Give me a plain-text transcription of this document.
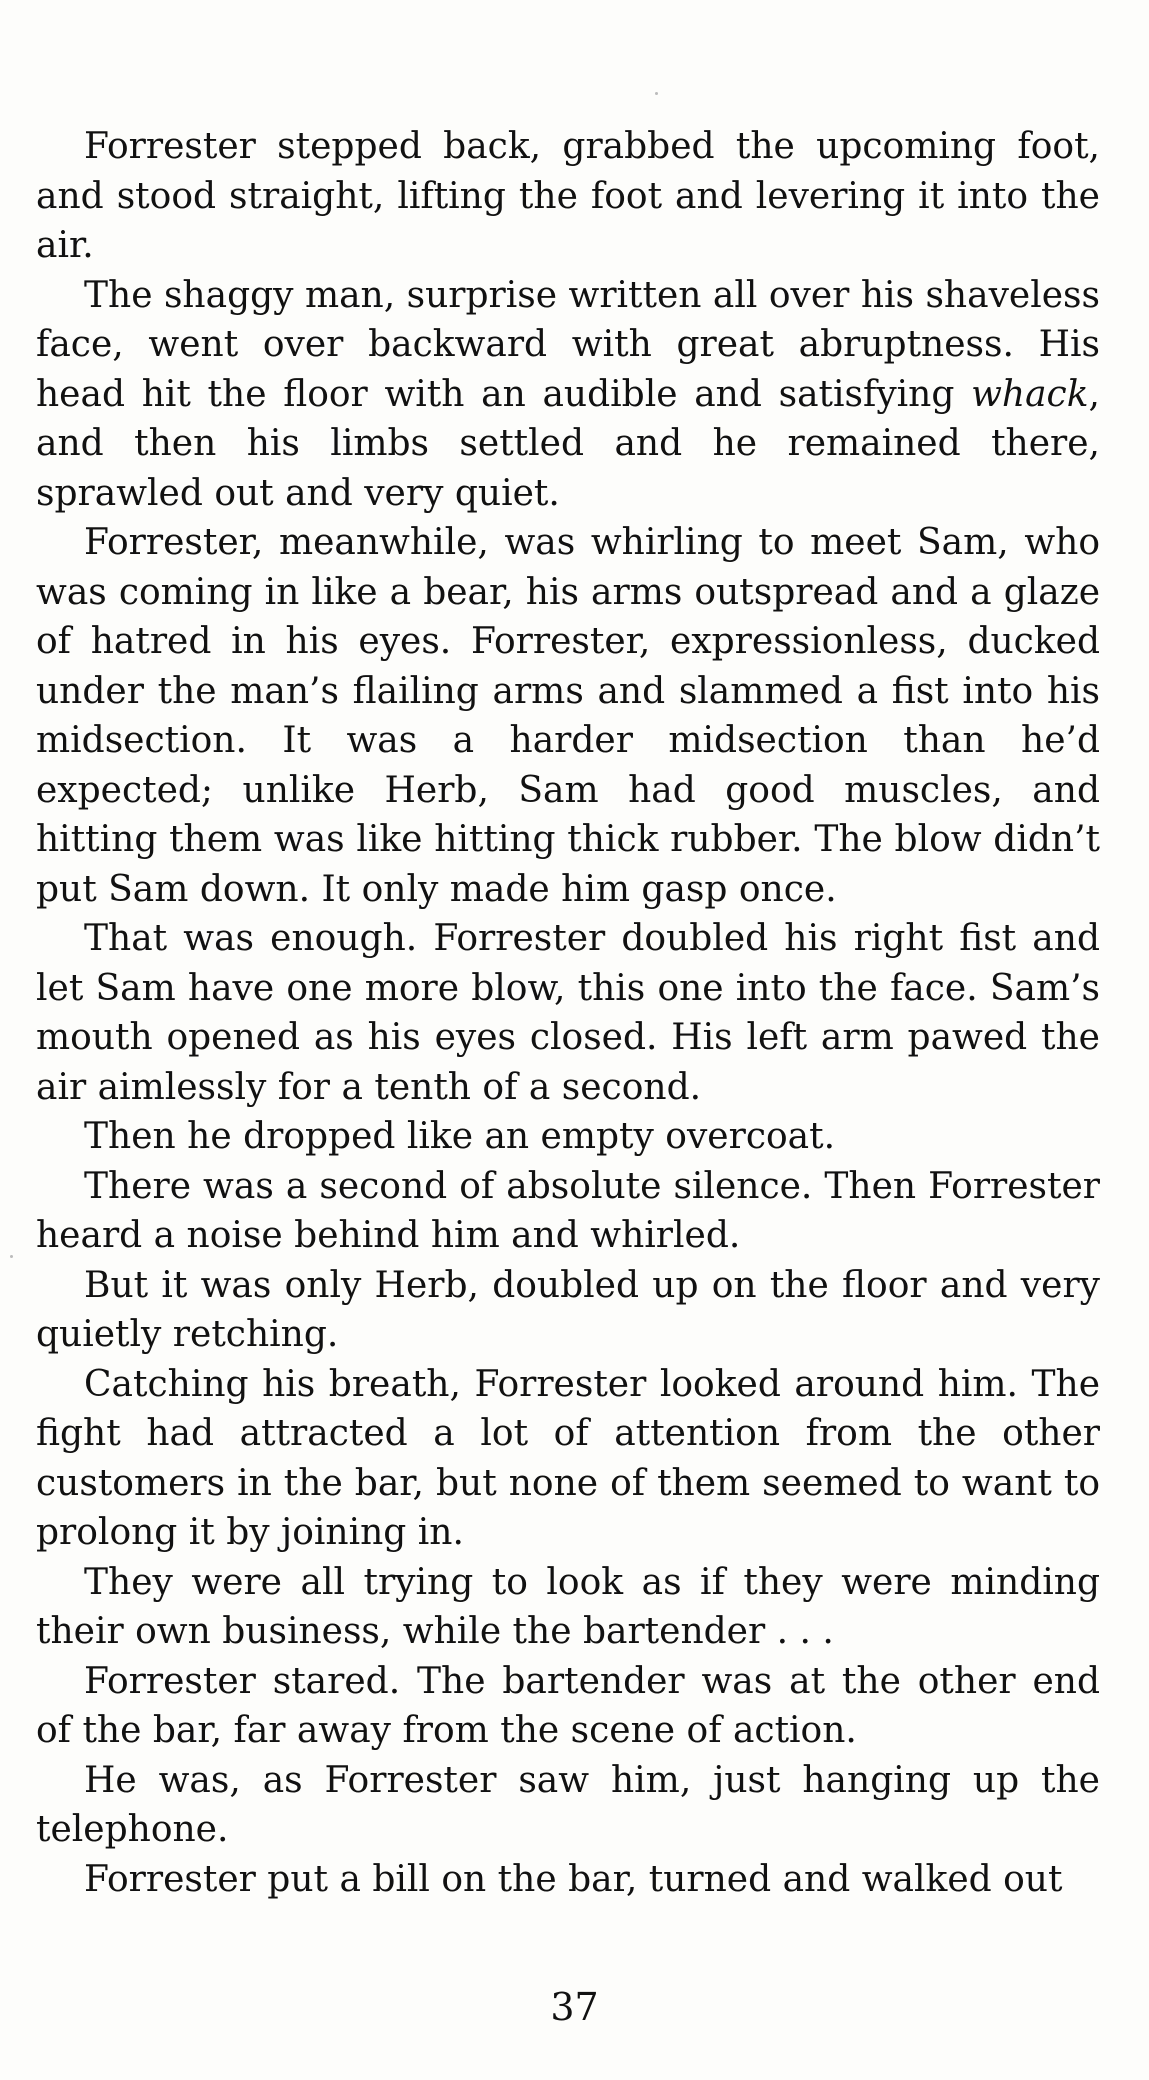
Forrester stepped back, grabbed the upcoming foot, and stood straight, lifting the foot and levering it into the air.

The shaggy man, surprise written all over his shaveless face, went over backward with great abruptness. His head hit the floor with an audible and satisfying whack, and then his limbs settled and he remained there, sprawled out and very quiet.

Forrester, meanwhile, was whirling to meet Sam, who was coming in like a bear, his arms outspread and a glaze of hatred in his eyes. Forrester, expressionless, ducked under the man’s flailing arms and slammed a fist into his midsection. It was a harder midsection than he’d expected; unlike Herb, Sam had good muscles, and hitting them was like hitting thick rubber. The blow didn’t put Sam down. It only made him gasp once.

That was enough. Forrester doubled his right fist and let Sam have one more blow, this one into the face. Sam’s mouth opened as his eyes closed. His left arm pawed the air aimlessly for a tenth of a second.

Then he dropped like an empty overcoat.

There was a second of absolute silence. Then Forrester heard a noise behind him and whirled.

But it was only Herb, doubled up on the floor and very quietly retching.

Catching his breath, Forrester looked around him. The fight had attracted a lot of attention from the other customers in the bar, but none of them seemed to want to prolong it by joining in.

They were all trying to look as if they were minding their own business, while the bartender . . .

Forrester stared. The bartender was at the other end of the bar, far away from the scene of action.

He was, as Forrester saw him, just hanging up the telephone.

Forrester put a bill on the bar, turned and walked out

37
